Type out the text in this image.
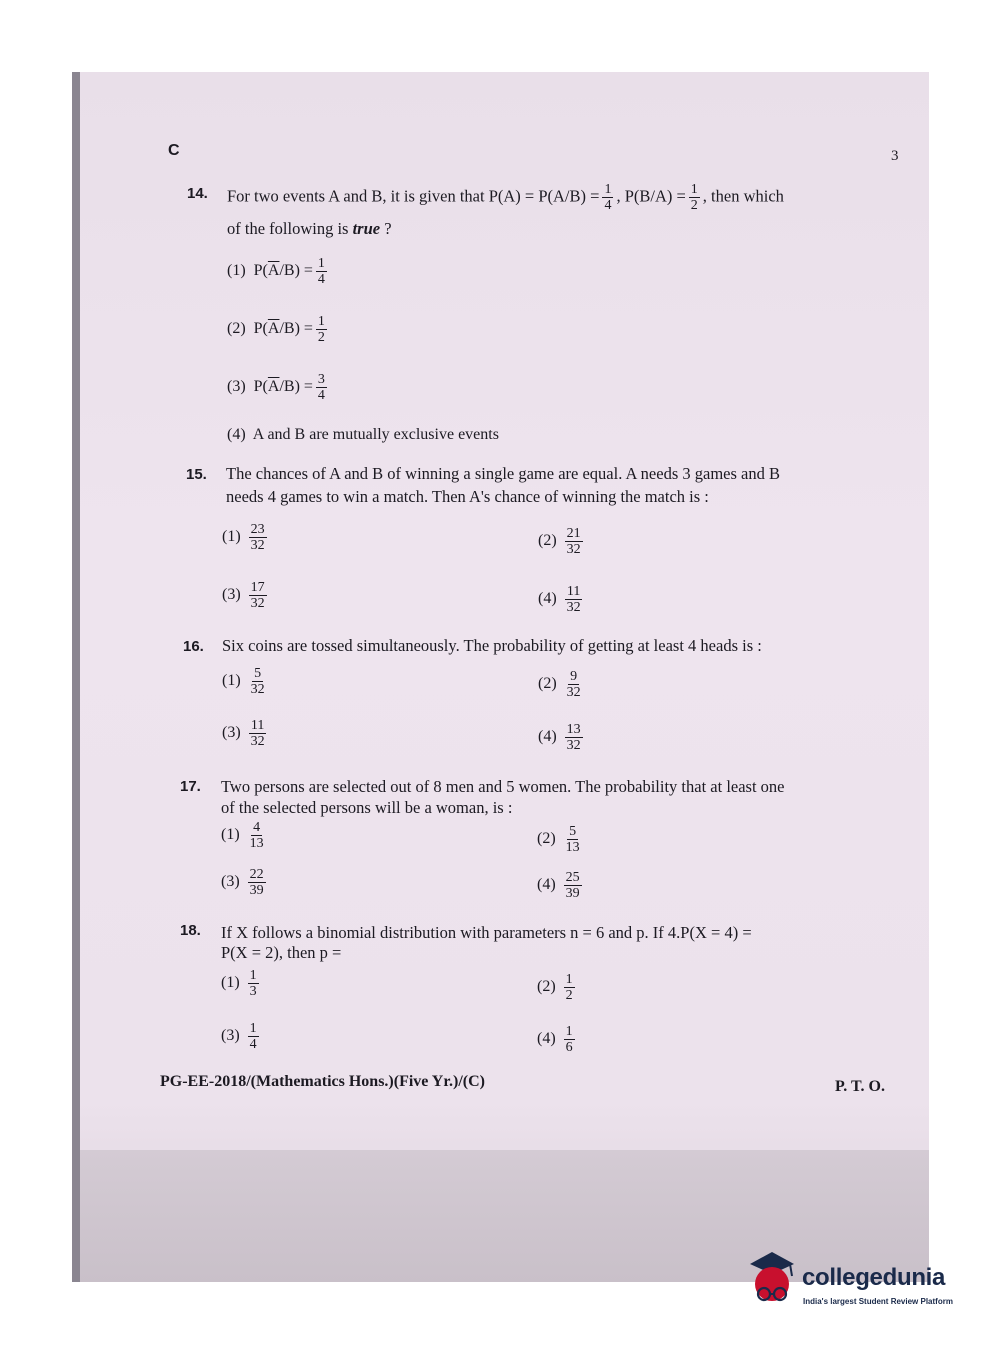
C	3
14. For two events A and B, it is given that $P(A) = P(A/B) = \frac{1}{4}$ , $P(B/A) = \frac{1}{2}$ , then which
of the following is true ?
(1) $P(\overline{A}/B) = \frac{1}{4}$
(2) $P(\overline{A}/B) = \frac{1}{2}$
(3) $P(\overline{A}/B) = \frac{3}{4}$
(4) A and B are mutually exclusive events
15. The chances of A and B of winning a single game are equal. A needs 3 games and B
needs 4 games to win a match. Then A's chance of winning the match is :
$(1) \frac{23}{32}$	$(2) \frac{21}{32}$
$(3) \frac{17}{32}$	$(4) \frac{11}{32}$
16. Six coins are tossed simultaneously. The probability of getting at least 4 heads is :
$(1) \frac{5}{32}$	$(2) \frac{9}{32}$
$(3) \frac{11}{32}$	$(4) \frac{13}{32}$
17. Two persons are selected out of 8 men and 5 women. The probability that at least one
of the selected persons will be a woman, is :
$(1) \frac{4}{13}$	$(2) \frac{5}{13}$
$(3) \frac{22}{39}$	$(4) \frac{25}{39}$
18. If X follows a binomial distribution with parameters n = 6 and p. If 4.P(X = 4) =
P(X = 2), then p =
$(1) \frac{1}{3}$	$(2) \frac{1}{2}$
$(3) \frac{1}{4}$	$(4) \frac{1}{6}$
PG-EE-2018/(Mathematics Hons.)(Five Yr.)/(C)	P. T. O.
collegedunia
India's largest Student Review Platform
